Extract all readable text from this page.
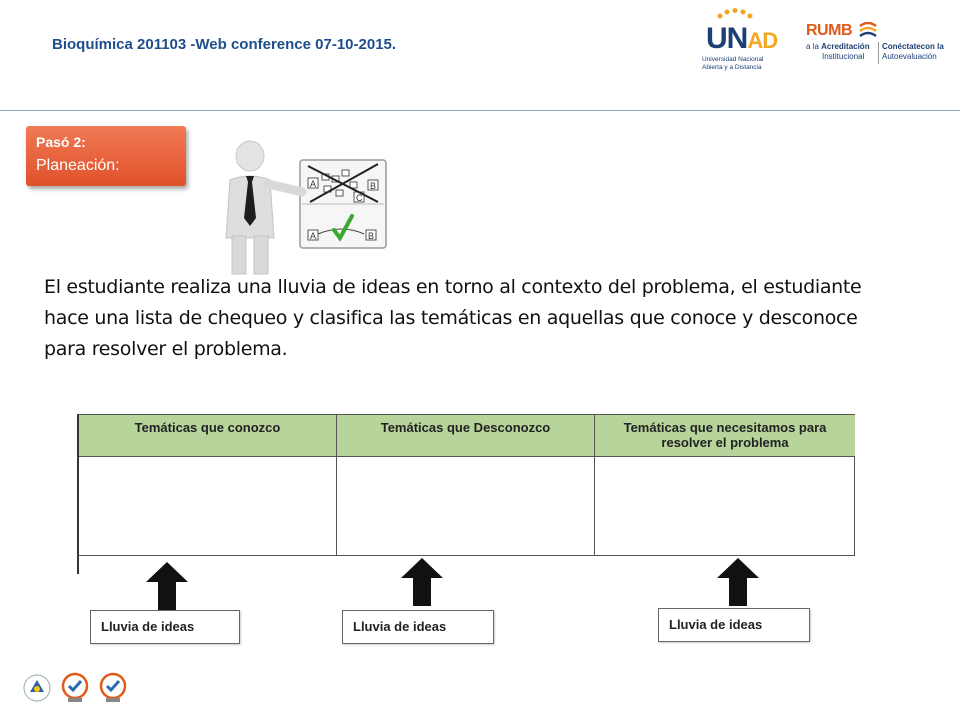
Bioquímica 201103 -Web conference 07-10-2015.	UNAD
Universidad Nacional
Abierta y a Distancia
RUMB
a la Acreditación
Institucional
Conéctatecon la
Autoevaluación
Pasó 2:
Planeación:
A
C
B
A	B
El estudiante realiza una lluvia de ideas en torno al contexto del problema, el estudiante hace una lista de chequeo y clasifica las temáticas en aquellas que conoce y desconoce para resolver el problema.
Temáticas que conozco	Temáticas que Desconozco	Temáticas que necesitamos para resolver el problema
Lluvia de ideas	Lluvia de ideas	Lluvia de ideas
